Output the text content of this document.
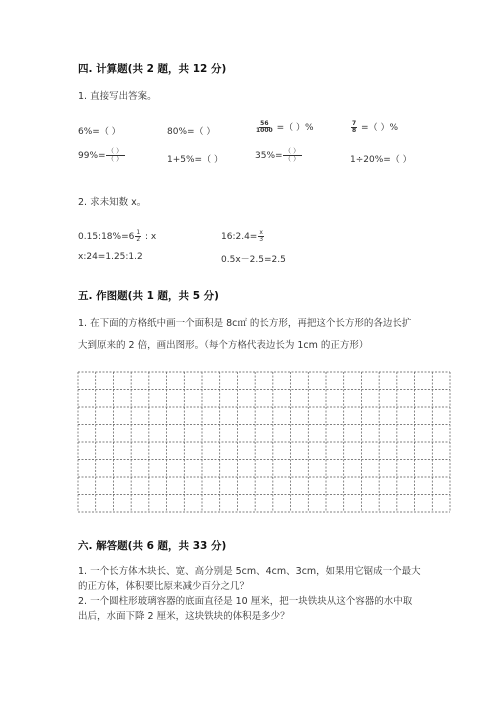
四. 计算题(共 2 题，共 12 分)
1. 直接写出答案。
6%=（ ）	80%=（ ）	$\frac{56}{1000}$ =（ ）%	$\frac{7}{8}$ =（ ）%
$99\%= \frac{( )}{( )}$	1+5%=（ ）	$35\%= \frac{( )}{( )}$	1÷20%=（ ）
2. 求未知数 x。
0.15:18%=6 $\frac{1}{2}$ : x	16:2.4= $\frac{x}{3}$
x:24=1.25:1.2	0.5x－2.5=2.5
五. 作图题(共 1 题，共 5 分)
1. 在下面的方格纸中画一个面积是 8c㎡ 的长方形，再把这个长方形的各边长扩
大到原来的 2 倍，画出图形。（每个方格代表边长为 1cm 的正方形）
六. 解答题(共 6 题，共 33 分)
1. 一个长方体木块长、宽、高分别是 5cm、4cm、3cm，如果用它锯成一个最大
的正方体，体积要比原来减少百分之几？
2. 一个圆柱形玻璃容器的底面直径是 10 厘米，把一块铁块从这个容器的水中取
出后，水面下降 2 厘米，这块铁块的体积是多少？
